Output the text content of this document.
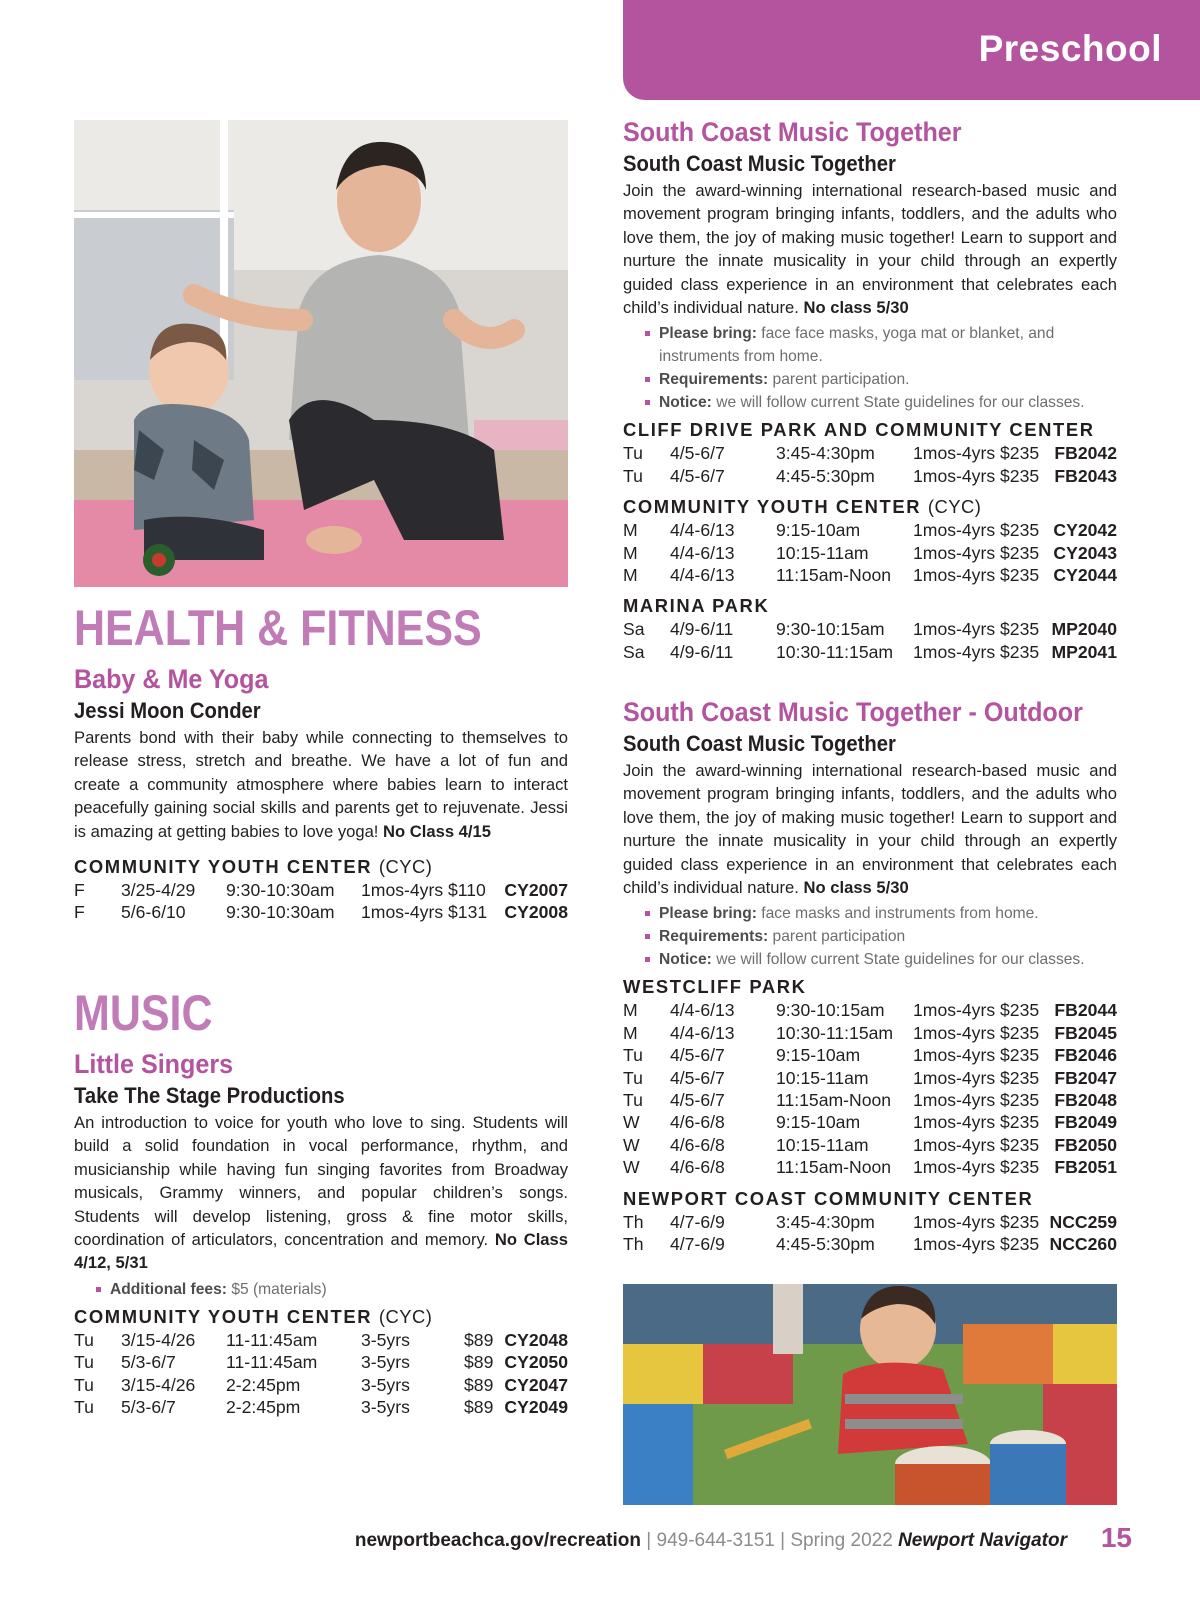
Preschool
HEALTH & FITNESS
Baby & Me Yoga
Jessi Moon Conder
Parents bond with their baby while connecting to themselves to release stress, stretch and breathe. We have a lot of fun and create a community atmosphere where babies learn to interact peacefully gaining social skills and parents get to rejuvenate. Jessi is amazing at getting babies to love yoga! No Class 4/15
COMMUNITY YOUTH CENTER (CYC)
F 3/25-4/29 9:30-10:30am 1mos-4yrs $110 CY2007
F 5/6-6/10 9:30-10:30am 1mos-4yrs $131 CY2008
MUSIC
Little Singers
Take The Stage Productions
An introduction to voice for youth who love to sing. Students will build a solid foundation in vocal performance, rhythm, and musicianship while having fun singing favorites from Broadway musicals, Grammy winners, and popular children’s songs. Students will develop listening, gross & fine motor skills, coordination of articulators, concentration and memory. No Class 4/12, 5/31
Additional fees: $5 (materials)
COMMUNITY YOUTH CENTER (CYC)
Tu 3/15-4/26 11-11:45am 3-5yrs	$89 CY2048
Tu 5/3-6/7	11-11:45am 3-5yrs	$89 CY2050
Tu 3/15-4/26 2-2:45pm	3-5yrs	$89 CY2047
Tu 5/3-6/7	2-2:45pm	3-5yrs	$89 CY2049
South Coast Music Together
South Coast Music Together
Join the award-winning international research-based music and movement program bringing infants, toddlers, and the adults who love them, the joy of making music together! Learn to support and nurture the innate musicality in your child through an expertly guided class experience in an environment that celebrates each child’s individual nature. No class 5/30
Please bring: face face masks, yoga mat or blanket, and instruments from home.
Requirements: parent participation.
Notice: we will follow current State guidelines for our classes.
CLIFF DRIVE PARK AND COMMUNITY CENTER
Tu 4/5-6/7	3:45-4:30pm 1mos-4yrs $235 FB2042
Tu 4/5-6/7	4:45-5:30pm 1mos-4yrs $235 FB2043
COMMUNITY YOUTH CENTER (CYC)
M 4/4-6/13 9:15-10am	1mos-4yrs $235 CY2042
M 4/4-6/13 10:15-11am	1mos-4yrs $235 CY2043
M 4/4-6/13 11:15am-Noon 1mos-4yrs $235 CY2044
MARINA PARK
Sa 4/9-6/11 9:30-10:15am 1mos-4yrs $235 MP2040
Sa 4/9-6/11 10:30-11:15am 1mos-4yrs $235 MP2041
South Coast Music Together - Outdoor
South Coast Music Together
Join the award-winning international research-based music and movement program bringing infants, toddlers, and the adults who love them, the joy of making music together! Learn to support and nurture the innate musicality in your child through an expertly guided class experience in an environment that celebrates each child’s individual nature. No class 5/30
Please bring: face masks and instruments from home.
Requirements: parent participation
Notice: we will follow current State guidelines for our classes.
WESTCLIFF PARK
M 4/4-6/13 9:30-10:15am 1mos-4yrs $235 FB2044
M 4/4-6/13 10:30-11:15am 1mos-4yrs $235 FB2045
Tu 4/5-6/7	9:15-10am	1mos-4yrs $235 FB2046
Tu 4/5-6/7	10:15-11am	1mos-4yrs $235 FB2047
Tu 4/5-6/7	11:15am-Noon 1mos-4yrs $235 FB2048
W 4/6-6/8	9:15-10am	1mos-4yrs $235 FB2049
W 4/6-6/8	10:15-11am	1mos-4yrs $235 FB2050
W 4/6-6/8	11:15am-Noon 1mos-4yrs $235 FB2051
NEWPORT COAST COMMUNITY CENTER
Th 4/7-6/9	3:45-4:30pm 1mos-4yrs $235 NCC259
Th 4/7-6/9	4:45-5:30pm 1mos-4yrs $235 NCC260
newportbeachca.gov/recreation | 949-644-3151 | Spring 2022 Newport Navigator 15
